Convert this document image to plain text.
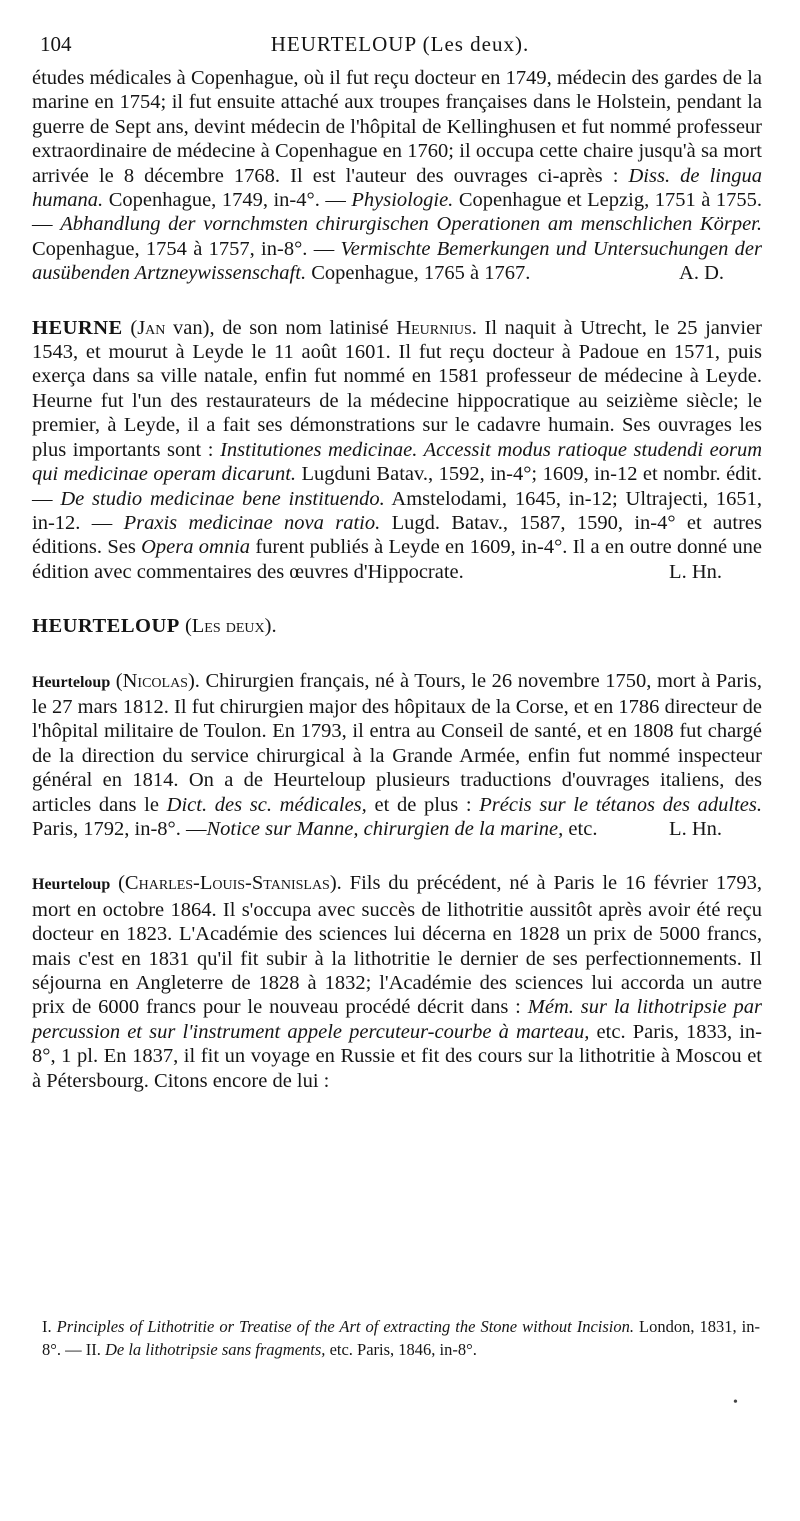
104	HEURTELOUP (Les deux).

études médicales à Copenhague, où il fut reçu docteur en 1749, médecin des gardes de la marine en 1754; il fut ensuite attaché aux troupes françaises dans le Holstein, pendant la guerre de Sept ans, devint médecin de l'hôpital de Kellinghusen et fut nommé professeur extraordinaire de médecine à Copenhague en 1760; il occupa cette chaire jusqu'à sa mort arrivée le 8 décembre 1768. Il est l'auteur des ouvrages ci-après : Diss. de lingua humana. Copenhague, 1749, in-4°. — Physiologie. Copenhague et Lepzig, 1751 à 1755. — Abhandlung der vornchmsten chirurgischen Operationen am menschlichen Körper. Copenhague, 1754 à 1757, in-8°. — Vermischte Bemerkungen und Untersuchungen der ausübenden Artzneywissenschaft. Copenhague, 1765 à 1767.	A. D.

HEURNE (Jan van), de son nom latinisé Heurnius. Il naquit à Utrecht, le 25 janvier 1543, et mourut à Leyde le 11 août 1601. Il fut reçu docteur à Padoue en 1571, puis exerça dans sa ville natale, enfin fut nommé en 1581 professeur de médecine à Leyde. Heurne fut l'un des restaurateurs de la médecine hippocratique au seizième siècle; le premier, à Leyde, il a fait ses démonstrations sur le cadavre humain. Ses ouvrages les plus importants sont : Institutiones medicinae. Accessit modus ratioque studendi eorum qui medicinae operam dicarunt. Lugduni Batav., 1592, in-4°; 1609, in-12 et nombr. édit. — De studio medicinae bene instituendo. Amstelodami, 1645, in-12; Ultrajecti, 1651, in-12. — Praxis medicinae nova ratio. Lugd. Batav., 1587, 1590, in-4° et autres éditions. Ses Opera omnia furent publiés à Leyde en 1609, in-4°. Il a en outre donné une édition avec commentaires des œuvres d'Hippocrate.	L. Hn.

HEURTELOUP (Les deux).

Heurteloup (Nicolas). Chirurgien français, né à Tours, le 26 novembre 1750, mort à Paris, le 27 mars 1812. Il fut chirurgien major des hôpitaux de la Corse, et en 1786 directeur de l'hôpital militaire de Toulon. En 1793, il entra au Conseil de santé, et en 1808 fut chargé de la direction du service chirurgical à la Grande Armée, enfin fut nommé inspecteur général en 1814. On a de Heurteloup plusieurs traductions d'ouvrages italiens, des articles dans le Dict. des sc. médicales, et de plus : Précis sur le tétanos des adultes. Paris, 1792, in-8°. —Notice sur Manne, chirurgien de la marine, etc.	L. Hn.

Heurteloup (Charles-Louis-Stanislas). Fils du précédent, né à Paris le 16 février 1793, mort en octobre 1864. Il s'occupa avec succès de lithotritie aussitôt après avoir été reçu docteur en 1823. L'Académie des sciences lui décerna en 1828 un prix de 5000 francs, mais c'est en 1831 qu'il fit subir à la lithotritie le dernier de ses perfectionnements. Il séjourna en Angleterre de 1828 à 1832; l'Académie des sciences lui accorda un autre prix de 6000 francs pour le nouveau procédé décrit dans : Mém. sur la lithotripsie par percussion et sur l'instrument appele percuteur-courbe à marteau, etc. Paris, 1833, in-8°, 1 pl. En 1837, il fit un voyage en Russie et fit des cours sur la lithotritie à Moscou et à Pétersbourg. Citons encore de lui :

I. Principles of Lithotritie or Treatise of the Art of extracting the Stone without Incision. London, 1831, in-8°. — II. De la lithotripsie sans fragments, etc. Paris, 1846, in-8°.
•
